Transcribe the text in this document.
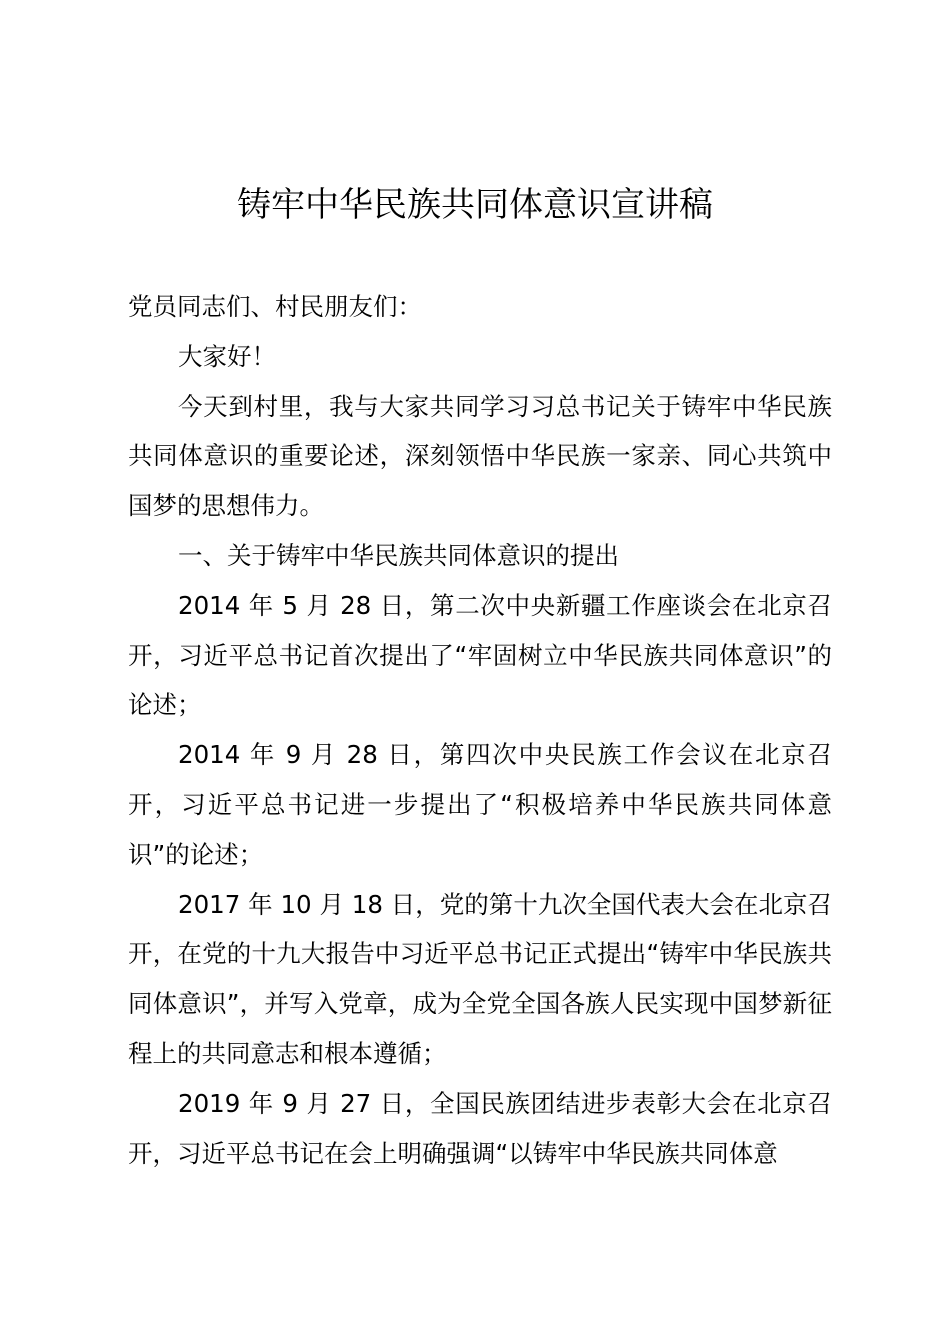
铸牢中华民族共同体意识宣讲稿

党员同志们、村民朋友们：

大家好！

今天到村里，我与大家共同学习习总书记关于铸牢中华民族共同体意识的重要论述，深刻领悟中华民族一家亲、同心共筑中国梦的思想伟力。

一、关于铸牢中华民族共同体意识的提出

2014 年 5 月 28 日，第二次中央新疆工作座谈会在北京召开，习近平总书记首次提出了“牢固树立中华民族共同体意识”的论述；

2014 年 9 月 28 日，第四次中央民族工作会议在北京召开，习近平总书记进一步提出了“积极培养中华民族共同体意识”的论述；

2017 年 10 月 18 日，党的第十九次全国代表大会在北京召开，在党的十九大报告中习近平总书记正式提出“铸牢中华民族共同体意识”，并写入党章，成为全党全国各族人民实现中国梦新征程上的共同意志和根本遵循；

2019 年 9 月 27 日，全国民族团结进步表彰大会在北京召开，习近平总书记在会上明确强调“以铸牢中华民族共同体意
